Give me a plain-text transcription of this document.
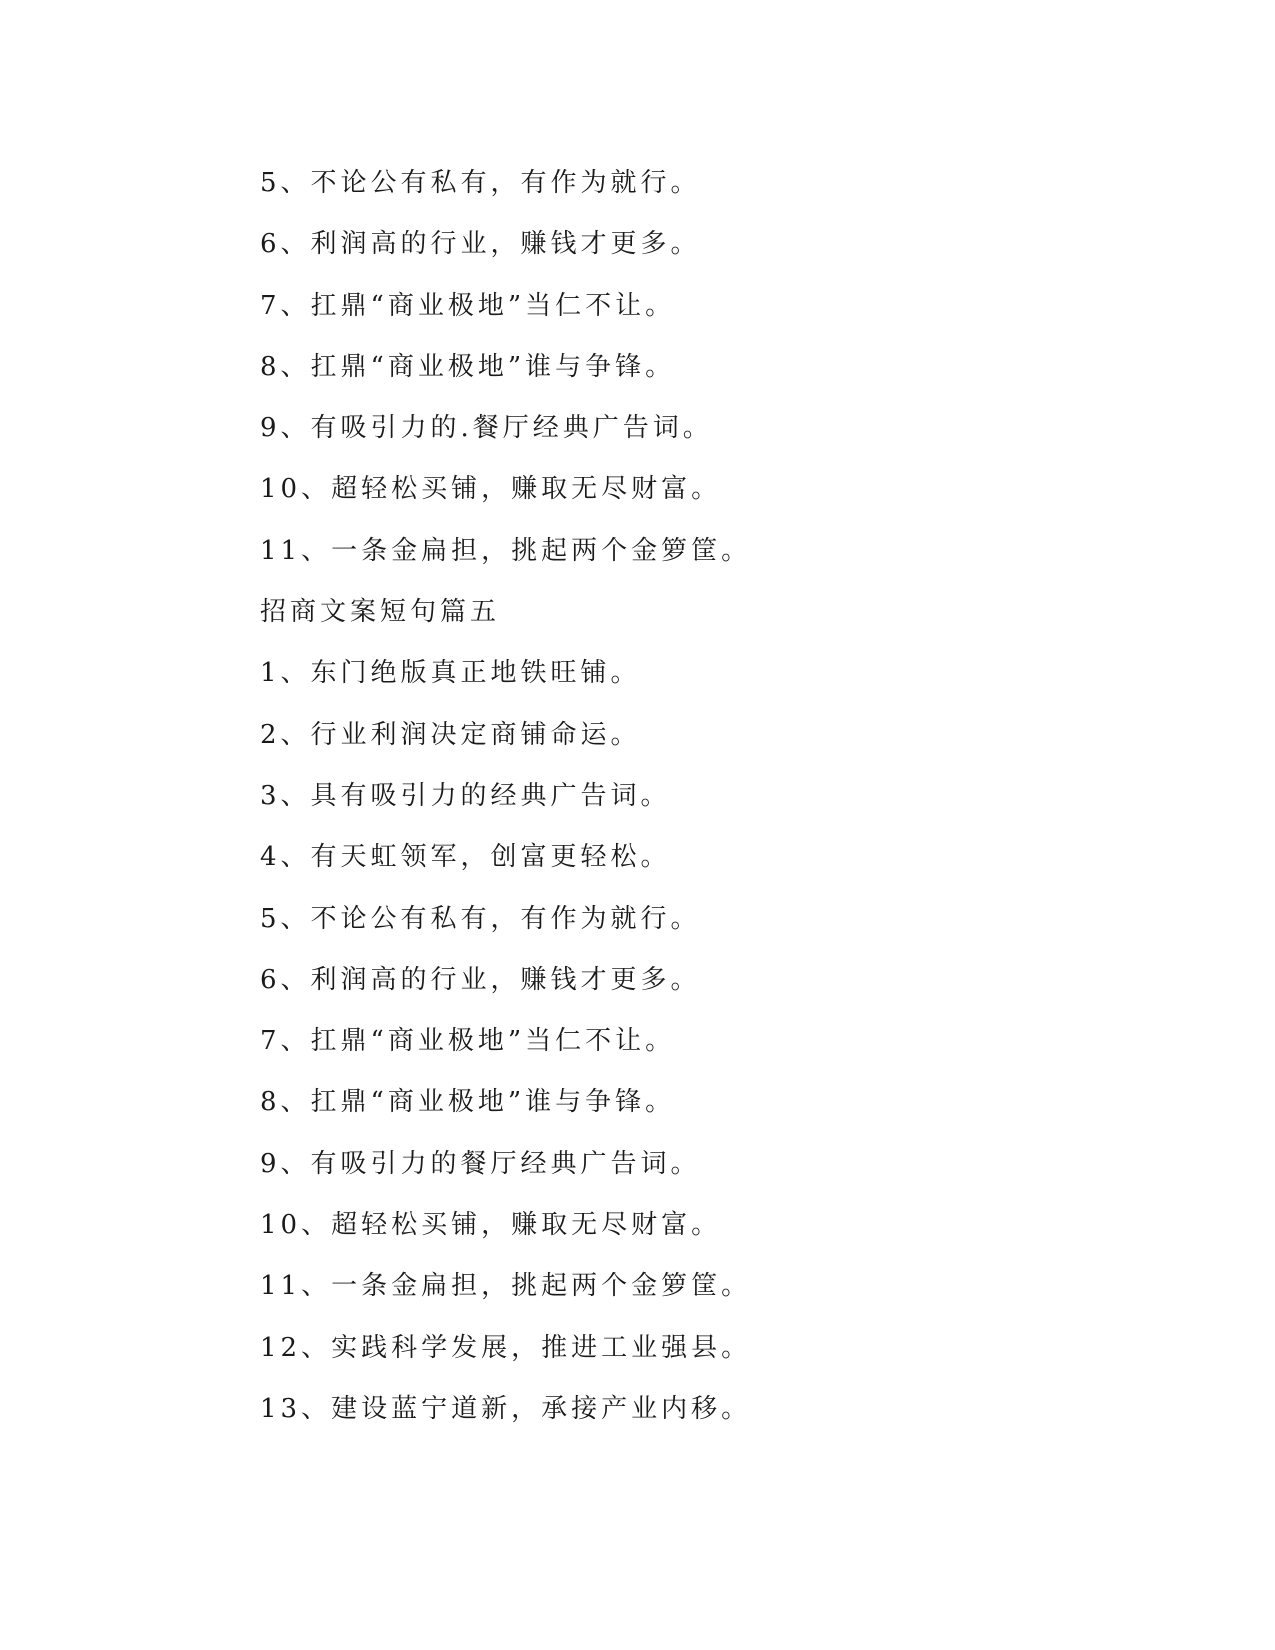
5、不论公有私有，有作为就行。
6、利润高的行业，赚钱才更多。
7、扛鼎“商业极地”当仁不让。
8、扛鼎“商业极地”谁与争锋。
9、有吸引力的.餐厅经典广告词。
10、超轻松买铺，赚取无尽财富。
11、一条金扁担，挑起两个金箩筐。
招商文案短句篇五
1、东门绝版真正地铁旺铺。
2、行业利润决定商铺命运。
3、具有吸引力的经典广告词。
4、有天虹领军，创富更轻松。
5、不论公有私有，有作为就行。
6、利润高的行业，赚钱才更多。
7、扛鼎“商业极地”当仁不让。
8、扛鼎“商业极地”谁与争锋。
9、有吸引力的餐厅经典广告词。
10、超轻松买铺，赚取无尽财富。
11、一条金扁担，挑起两个金箩筐。
12、实践科学发展，推进工业强县。
13、建设蓝宁道新，承接产业内移。
